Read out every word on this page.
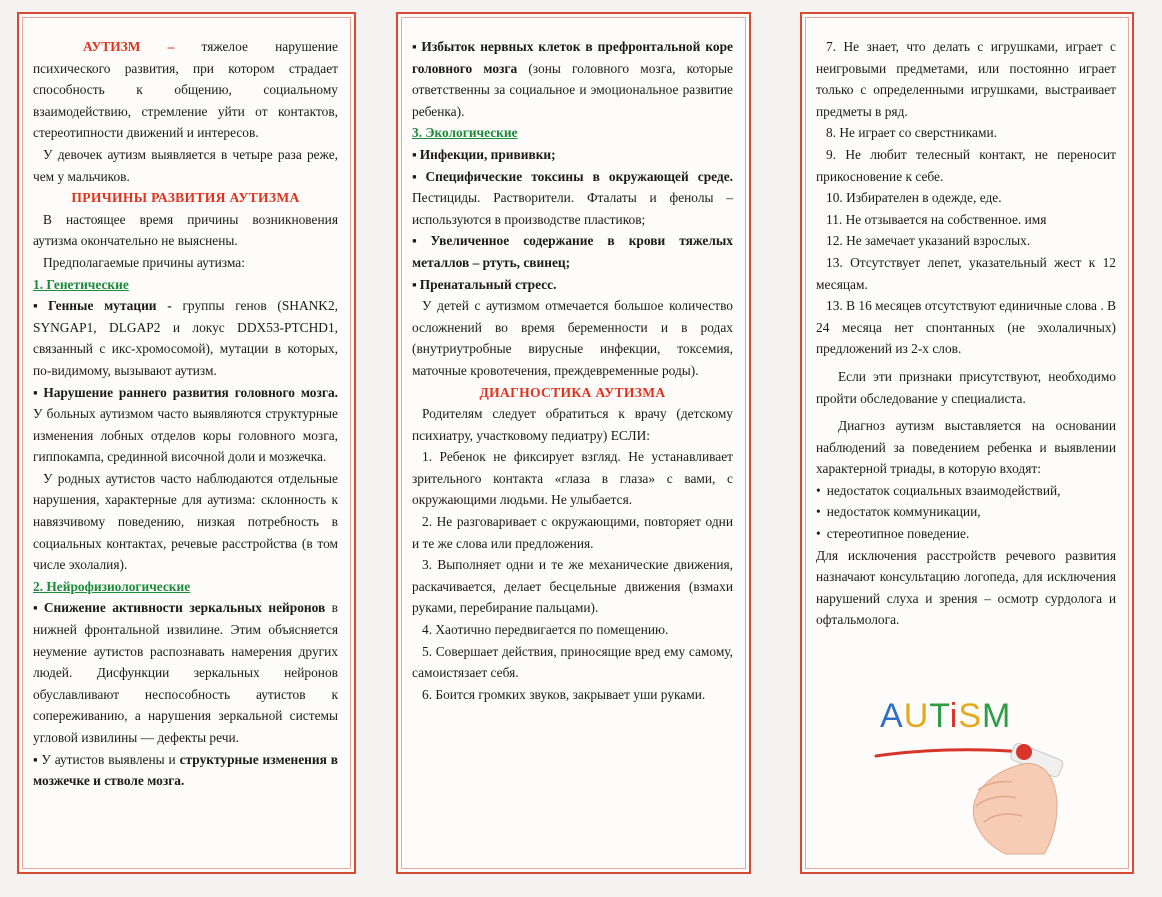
АУТИЗМ – тяжелое нарушение психического развития, при котором страдает способность к общению, социальному взаимодействию, стремление уйти от контактов, стереотипности движений и интересов.

У девочек аутизм выявляется в четыре раза реже, чем у мальчиков.

ПРИЧИНЫ РАЗВИТИЯ АУТИЗМА

В настоящее время причины возникновения аутизма окончательно не выяснены.

Предполагаемые причины аутизма:

1. Генетические

▪ Генные мутации - группы генов (SHANK2, SYNGAP1, DLGAP2 и локус DDX53-PTCHD1, связанный с икс-хромосомой), мутации в которых, по-видимому, вызывают аутизм.

▪ Нарушение раннего развития головного мозга. У больных аутизмом часто выявляются структурные изменения лобных отделов коры головного мозга, гиппокампа, срединной височной доли и мозжечка.

У родных аутистов часто наблюдаются отдельные нарушения, характерные для аутизма: склонность к навязчивому поведению, низкая потребность в социальных контактах, речевые расстройства (в том числе эхолалия).

2. Нейрофизиологические

▪ Снижение активности зеркальных нейронов в нижней фронтальной извилине. Этим объясняется неумение аутистов распознавать намерения других людей. Дисфункции зеркальных нейронов обуславливают неспособность аутистов к сопереживанию, а нарушения зеркальной системы угловой извилины — дефекты речи.

▪ У аутистов выявлены и структурные изменения в мозжечке и стволе мозга.

▪ Избыток нервных клеток в префронтальной коре головного мозга (зоны головного мозга, которые ответственны за социальное и эмоциональное развитие ребенка).

3. Экологические

▪ Инфекции, прививки;

▪ Специфические токсины в окружающей среде. Пестициды. Растворители. Фталаты и фенолы – используются в производстве пластиков;

▪ Увеличенное содержание в крови тяжелых металлов – ртуть, свинец;

▪ Пренатальный стресс.

У детей с аутизмом отмечается большое количество осложнений во время беременности и в родах (внутриутробные вирусные инфекции, токсемия, маточные кровотечения, преждевременные роды).

ДИАГНОСТИКА АУТИЗМА

Родителям следует обратиться к врачу (детскому психиатру, участковому педиатру) ЕСЛИ:

1. Ребенок не фиксирует взгляд. Не устанавливает зрительного контакта «глаза в глаза» с вами, с окружающими людьми. Не улыбается.

2. Не разговаривает с окружающими, повторяет одни и те же слова или предложения.

3. Выполняет одни и те же механические движения, раскачивается, делает бесцельные движения (взмахи руками, перебирание пальцами).

4. Хаотично передвигается по помещению.

5. Совершает действия, приносящие вред ему самому, самоистязает себя.

6. Боится громких звуков, закрывает уши руками.

7. Не знает, что делать с игрушками, играет с неигровыми предметами, или постоянно играет только с определенными игрушками, выстраивает предметы в ряд.

8. Не играет со сверстниками.

9. Не любит телесный контакт, не переносит прикосновение к себе.

10. Избирателен в одежде, еде.

11. Не отзывается на собственное. имя

12. Не замечает указаний взрослых.

13. Отсутствует лепет, указательный жест к 12 месяцам.

13. В 16 месяцев отсутствуют единичные слова . В 24 месяца нет спонтанных (не эхолаличных) предложений из 2-х слов.

Если эти признаки присутствуют, необходимо пройти обследование у специалиста.

Диагноз аутизм выставляется на основании наблюдений за поведением ребенка и выявлении характерной триады, в которую входят:

• недостаток социальных взаимодействий,

• недостаток коммуникации,

• стереотипное поведение.

Для исключения расстройств речевого развития назначают консультацию логопеда, для исключения нарушений слуха и зрения – осмотр сурдолога и офтальмолога.

AUTiSM
